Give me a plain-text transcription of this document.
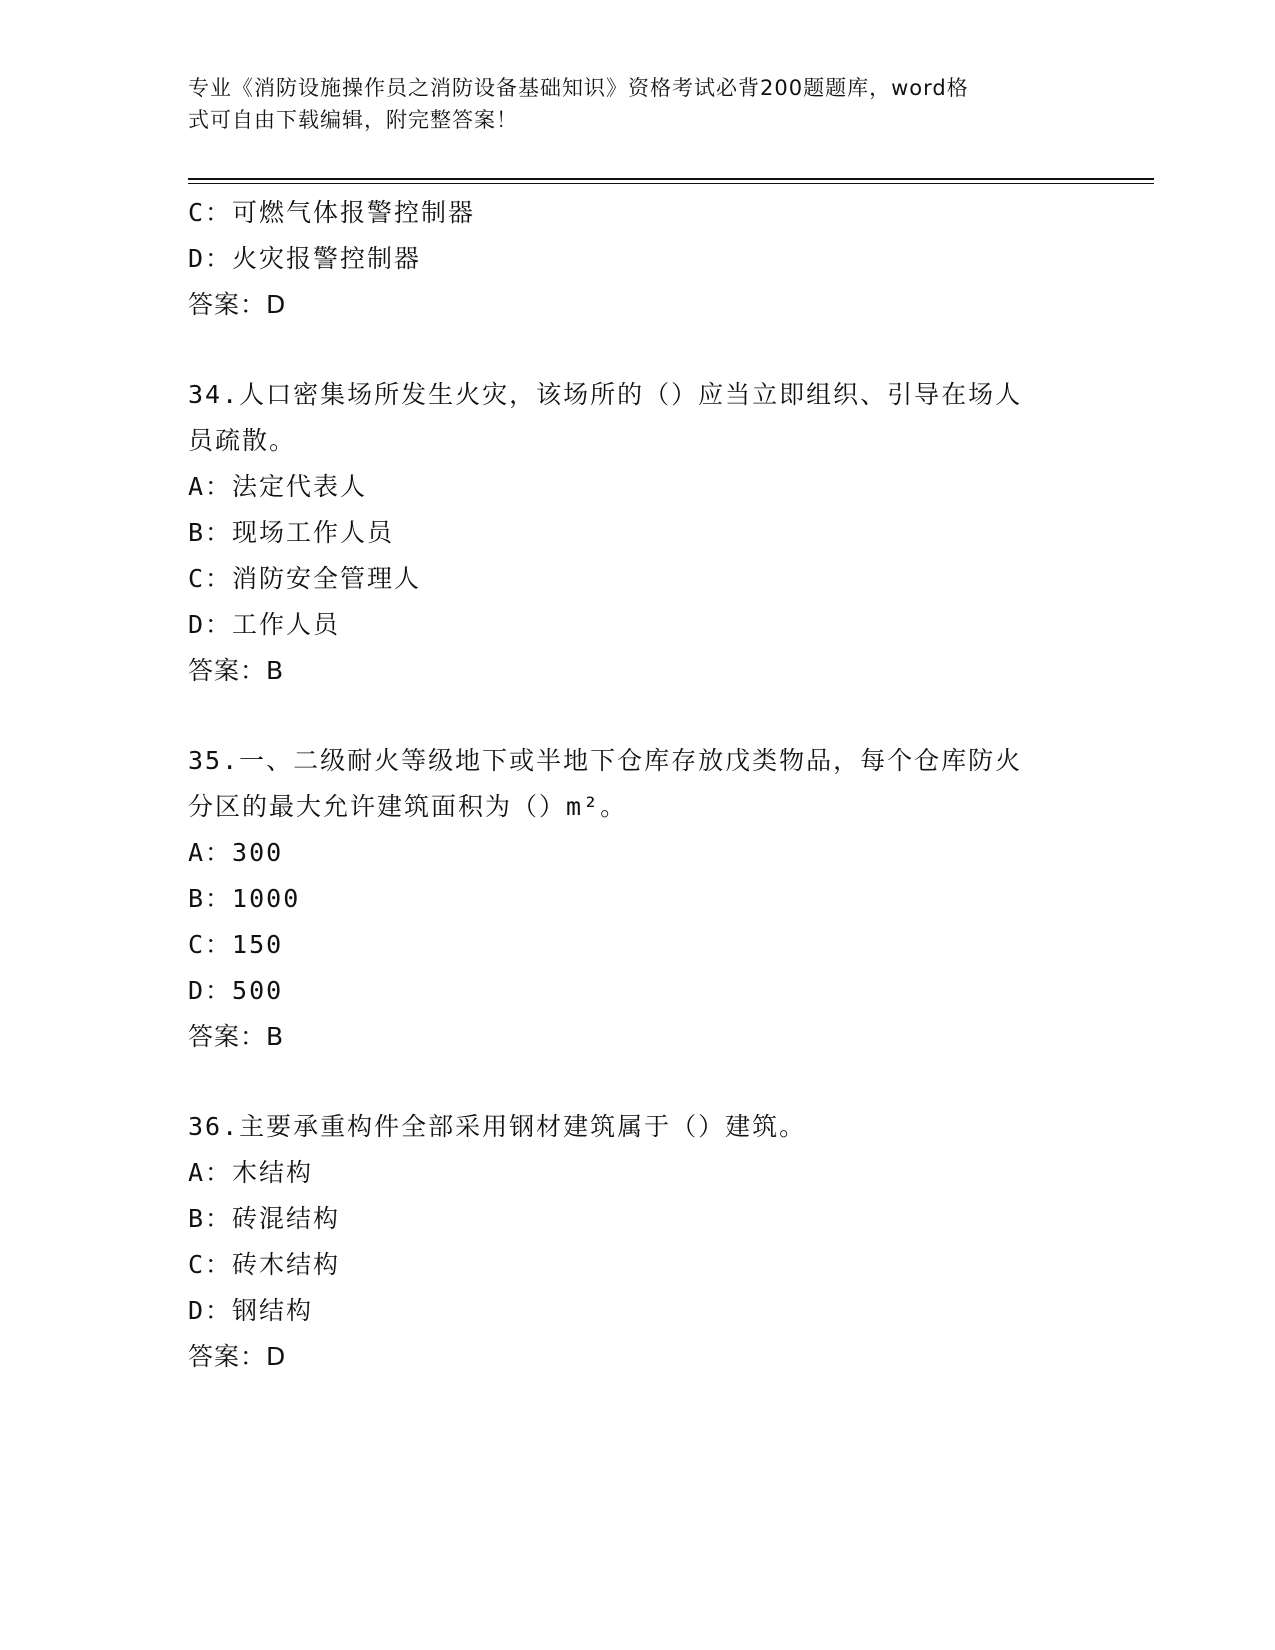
专业《消防设施操作员之消防设备基础知识》资格考试必背200题题库，word格
式可自由下载编辑，附完整答案！

C：可燃气体报警控制器

D：火灾报警控制器

答案：D

34.人口密集场所发生火灾，该场所的（）应当立即组织、引导在场人

员疏散。

A：法定代表人

B：现场工作人员

C：消防安全管理人

D：工作人员

答案：B

35.一、二级耐火等级地下或半地下仓库存放戊类物品，每个仓库防火

分区的最大允许建筑面积为（）m²。

A：300

B：1000

C：150

D：500

答案：B

36.主要承重构件全部采用钢材建筑属于（）建筑。

A：木结构

B：砖混结构

C：砖木结构

D：钢结构

答案：D
